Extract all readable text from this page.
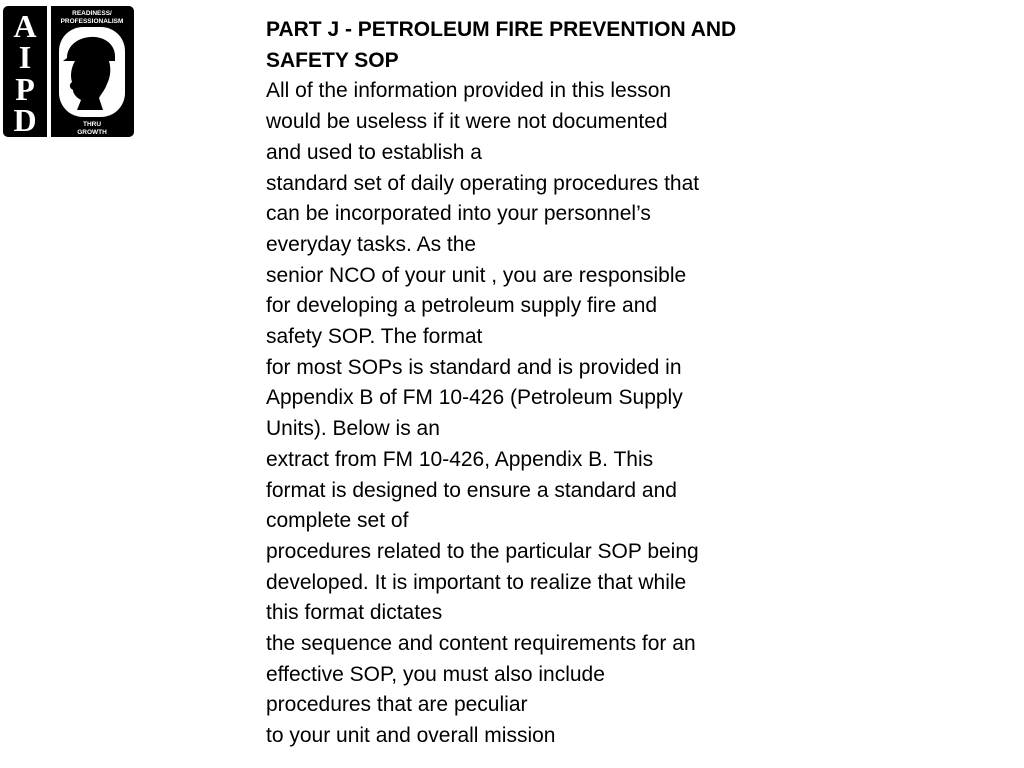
A
I
P
D
READINESS/
PROFESSIONALISM
THRU
GROWTH

PART J - PETROLEUM FIRE PREVENTION AND

SAFETY SOP

All of the information provided in this lesson

would be useless if it were not documented

and used to establish a

standard set of daily operating procedures that

can be incorporated into your personnel’s

everyday tasks. As the

senior NCO of your unit , you are responsible

for developing a petroleum supply fire and

safety SOP. The format

for most SOPs is standard and is provided in

Appendix B of FM 10-426 (Petroleum Supply

Units). Below is an

extract from FM 10-426, Appendix B. This

format is designed to ensure a standard and

complete set of

procedures related to the particular SOP being

developed. It is important to realize that while

this format dictates

the sequence and content requirements for an

effective SOP, you must also include

procedures that are peculiar

to your unit and overall mission
